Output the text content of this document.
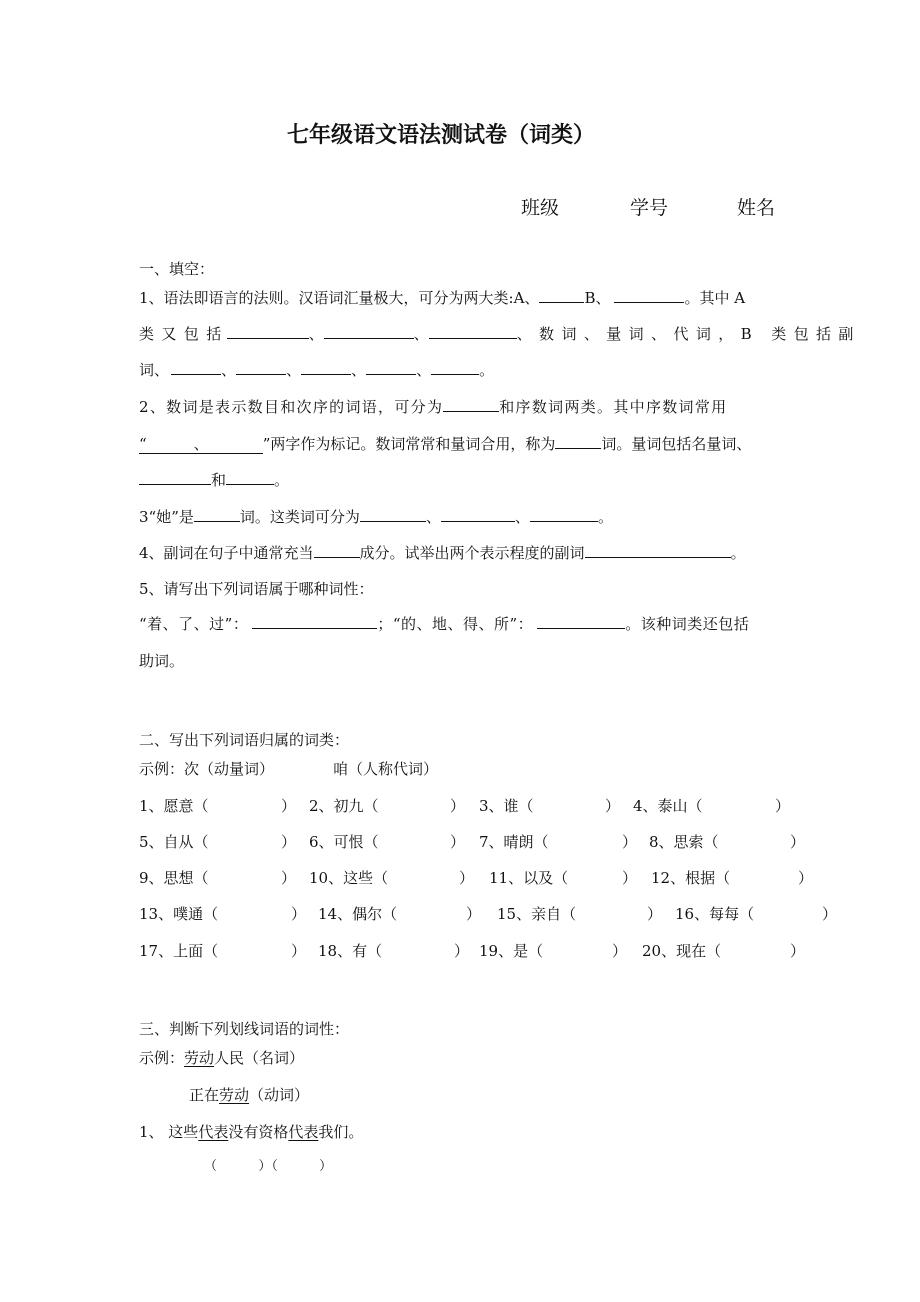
七年级语文语法测试卷（词类）
班级	学号	姓名
一、填空：
1、语法即语言的法则。汉语词汇量极大，可分为两大类:A、	B、	。其中 A
类又包括	、	、	、数词、量词、代词，B 类包括副
词、	、	、	、	、	。
2、数词是表示数目和次序的词语，可分为	和序数词两类。其中序数词常用
“	、	”两字作为标记。数词常常和量词合用，称为	词。量词包括名量词、
和	。
3“她”是	词。这类词可分为	、	、	。
4、副词在句子中通常充当	成分。试举出两个表示程度的副词	。
5、请写出下列词语属于哪种词性：
“着、了、过”：	；“的、地、得、所”：	。该种词类还包括
助词。
二、写出下列词语归属的词类：
示例：次（动量词）	咱（人称代词）
1、愿意（	） 2、初九（	） 3、谁（	） 4、泰山（	）
5、自从（	） 6、可恨（	） 7、晴朗（	） 8、思索（	）
9、思想（	） 10、这些（	） 11、以及（	） 12、根据（	）
13、噗通（	） 14、偶尔（	） 15、亲自（	） 16、每每（	）
17、上面（	） 18、有（	） 19、是（	） 20、现在（	）
三、判断下列划线词语的词性：
示例：劳动人民（名词）
正在劳动（动词）
1、 这些代表没有资格代表我们。
（          ）（          ）
